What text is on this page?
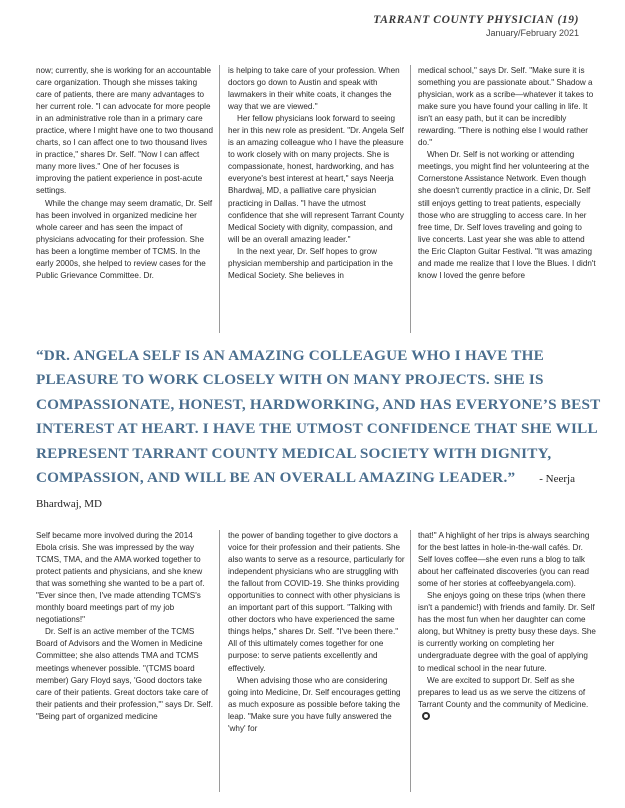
TARRANT COUNTY PHYSICIAN (19)
January/February 2021

now; currently, she is working for an accountable care organization. Though she misses taking care of patients, there are many advantages to her current role. "I can advocate for more people in an administrative role than in a primary care practice, where I might have one to two thousand charts, so I can affect one to two thousand lives in practice," shares Dr. Self. "Now I can affect many more lives." One of her focuses is improving the patient experience in post-acute settings.

While the change may seem dramatic, Dr. Self has been involved in organized medicine her whole career and has seen the impact of physicians advocating for their profession. She has been a longtime member of TCMS. In the early 2000s, she helped to review cases for the Public Grievance Committee. Dr.

is helping to take care of your profession. When doctors go down to Austin and speak with lawmakers in their white coats, it changes the way that we are viewed."

Her fellow physicians look forward to seeing her in this new role as president. "Dr. Angela Self is an amazing colleague who I have the pleasure to work closely with on many projects. She is compassionate, honest, hardworking, and has everyone's best interest at heart," says Neerja Bhardwaj, MD, a palliative care physician practicing in Dallas. "I have the utmost confidence that she will represent Tarrant County Medical Society with dignity, compassion, and will be an overall amazing leader."

In the next year, Dr. Self hopes to grow physician membership and participation in the Medical Society. She believes in

medical school," says Dr. Self. "Make sure it is something you are passionate about." Shadow a physician, work as a scribe—whatever it takes to make sure you have found your calling in life. It isn't an easy path, but it can be incredibly rewarding. "There is nothing else I would rather do."

When Dr. Self is not working or attending meetings, you might find her volunteering at the Cornerstone Assistance Network. Even though she doesn't currently practice in a clinic, Dr. Self still enjoys getting to treat patients, especially those who are struggling to access care. In her free time, Dr. Self loves traveling and going to live concerts. Last year she was able to attend the Eric Clapton Guitar Festival. "It was amazing and made me realize that I love the Blues. I didn't know I loved the genre before

“DR. ANGELA SELF IS AN AMAZING COLLEAGUE WHO I HAVE THE PLEASURE TO WORK CLOSELY WITH ON MANY PROJECTS. SHE IS COMPASSIONATE, HONEST, HARDWORKING, AND HAS EVERYONE’S BEST INTEREST AT HEART. I HAVE THE UTMOST CONFIDENCE THAT SHE WILL REPRESENT TARRANT COUNTY MEDICAL SOCIETY WITH DIGNITY, COMPASSION, AND WILL BE AN OVERALL AMAZING LEADER.” - Neerja Bhardwaj, MD

Self became more involved during the 2014 Ebola crisis. She was impressed by the way TCMS, TMA, and the AMA worked together to protect patients and physicians, and she knew that was something she wanted to be a part of. "Ever since then, I've made attending TCMS's monthly board meetings part of my job negotiations!"

Dr. Self is an active member of the TCMS Board of Advisors and the Women in Medicine Committee; she also attends TMA and TCMS meetings whenever possible. "(TCMS board member) Gary Floyd says, 'Good doctors take care of their patients. Great doctors take care of their patients and their profession,'" says Dr. Self. "Being part of organized medicine

the power of banding together to give doctors a voice for their profession and their patients. She also wants to serve as a resource, particularly for independent physicians who are struggling with the fallout from COVID-19. She thinks providing opportunities to connect with other physicians is an important part of this support. "Talking with other doctors who have experienced the same things helps," shares Dr. Self. "I've been there." All of this ultimately comes together for one purpose: to serve patients excellently and effectively.

When advising those who are considering going into Medicine, Dr. Self encourages getting as much exposure as possible before taking the leap. "Make sure you have fully answered the 'why' for

that!" A highlight of her trips is always searching for the best lattes in hole-in-the-wall cafés. Dr. Self loves coffee—she even runs a blog to talk about her caffeinated discoveries (you can read some of her stories at coffeebyangela.com).

She enjoys going on these trips (when there isn't a pandemic!) with friends and family. Dr. Self has the most fun when her daughter can come along, but Whitney is pretty busy these days. She is currently working on completing her undergraduate degree with the goal of applying to medical school in the near future.

We are excited to support Dr. Self as she prepares to lead us as we serve the citizens of Tarrant County and the community of Medicine.
